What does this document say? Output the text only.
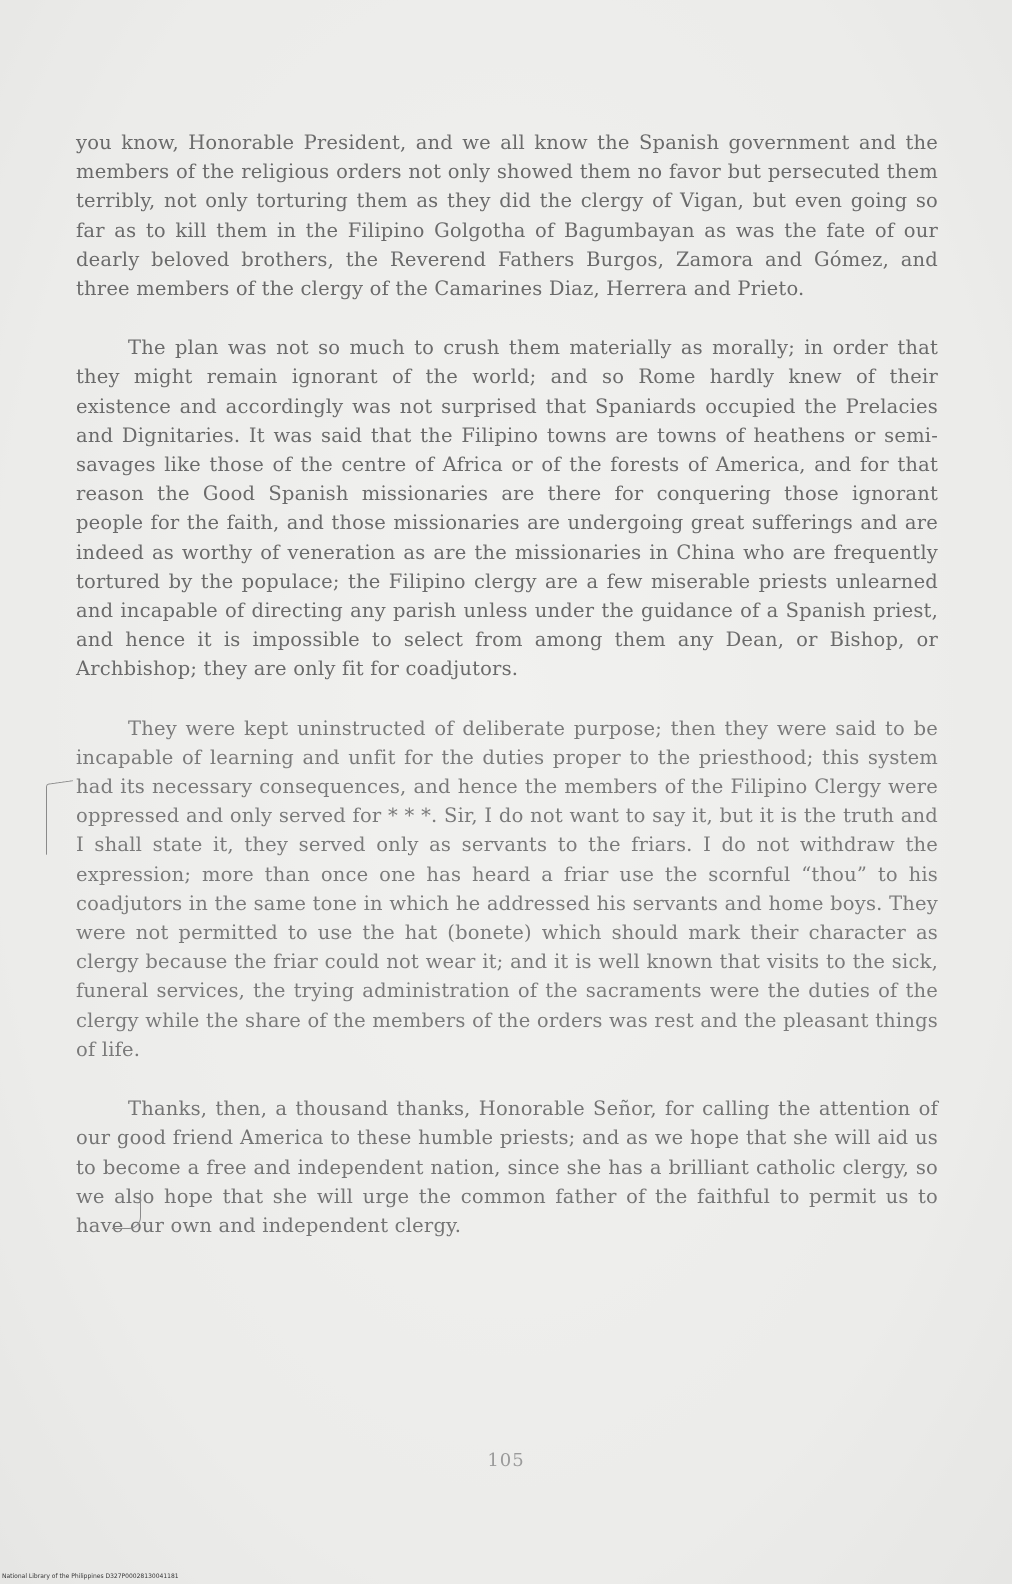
you know, Honorable President, and we all know the Spanish government and the members of the religious orders not only showed them no favor but persecuted them terribly, not only torturing them as they did the clergy of Vigan, but even going so far as to kill them in the Filipino Golgotha of Bagumbayan as was the fate of our dearly beloved brothers, the Reverend Fathers Burgos, Zamora and Gómez, and three members of the clergy of the Camarines Diaz, Herrera and Prieto.

The plan was not so much to crush them materially as morally; in order that they might remain ignorant of the world; and so Rome hardly knew of their existence and accordingly was not surprised that Spaniards occupied the Prelacies and Dignitaries. It was said that the Filipino towns are towns of heathens or semi-savages like those of the centre of Africa or of the forests of America, and for that reason the Good Spanish missionaries are there for conquering those ignorant people for the faith, and those missionaries are undergoing great sufferings and are indeed as worthy of veneration as are the missionaries in China who are frequently tortured by the populace; the Filipino clergy are a few miserable priests unlearned and incapable of directing any parish unless under the guidance of a Spanish priest, and hence it is impossible to select from among them any Dean, or Bishop, or Archbishop; they are only fit for coadjutors.

They were kept uninstructed of deliberate purpose; then they were said to be incapable of learning and unfit for the duties proper to the priesthood; this system had its necessary consequences, and hence the members of the Filipino Clergy were oppressed and only served for * * *. Sir, I do not want to say it, but it is the truth and I shall state it, they served only as servants to the friars. I do not withdraw the expression; more than once one has heard a friar use the scornful “thou” to his coadjutors in the same tone in which he addressed his servants and home boys. They were not permitted to use the hat (bonete) which should mark their character as clergy because the friar could not wear it; and it is well known that visits to the sick, funeral services, the trying administration of the sacraments were the duties of the clergy while the share of the members of the orders was rest and the pleasant things of life.

Thanks, then, a thousand thanks, Honorable Señor, for calling the attention of our good friend America to these humble priests; and as we hope that she will aid us to become a free and independent nation, since she has a brilliant catholic clergy, so we also hope that she will urge the common father of the faithful to permit us to have our own and independent clergy.

105
National Library of the Philippines D327P00028130041181
